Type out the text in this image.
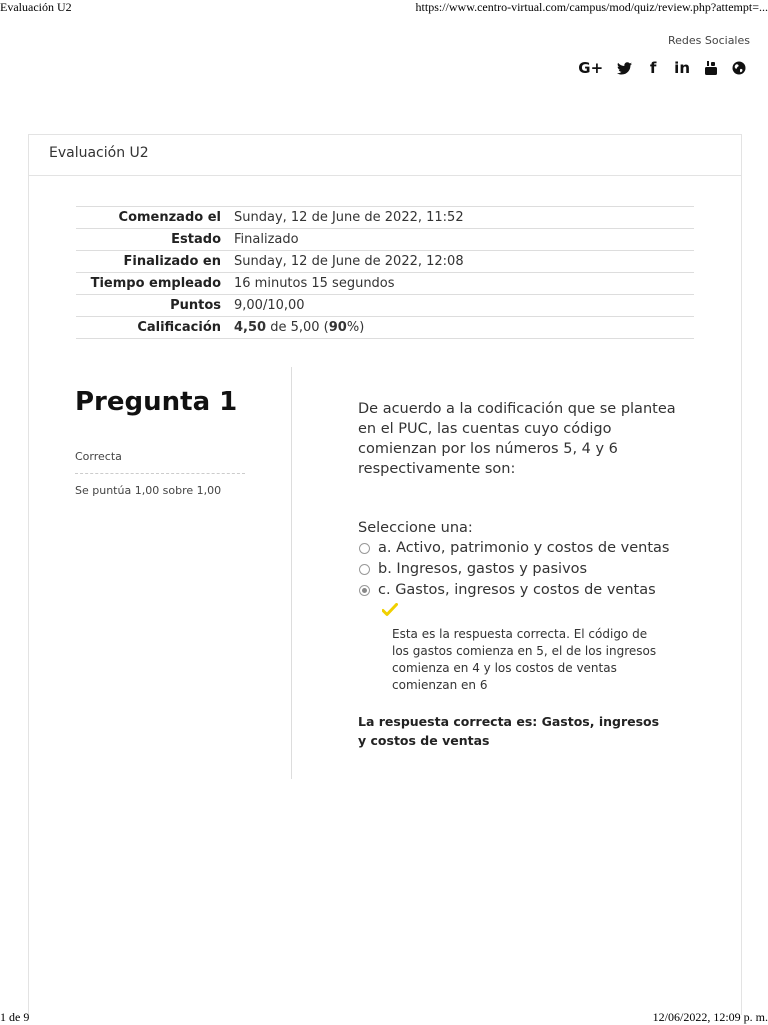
Evaluación U2	https://www.centro-virtual.com/campus/mod/quiz/review.php?attempt=...
Redes Sociales
G+	f in
Evaluación U2
Comenzado el	Sunday, 12 de June de 2022, 11:52
Estado	Finalizado
Finalizado en	Sunday, 12 de June de 2022, 12:08
Tiempo empleado	16 minutos 15 segundos
Puntos	9,00/10,00
Calificación	4,50 de 5,00 (90%)
Pregunta 1
Correcta
Se puntúa 1,00 sobre 1,00
De acuerdo a la codificación que se plantea en el PUC, las cuentas cuyo código comienzan por los números 5, 4 y 6 respectivamente son:
Seleccione una:
a. Activo, patrimonio y costos de ventas
b. Ingresos, gastos y pasivos
c. Gastos, ingresos y costos de ventas
Esta es la respuesta correcta. El código de los gastos comienza en 5, el de los ingresos comienza en 4 y los costos de ventas comienzan en 6
La respuesta correcta es: Gastos, ingresos y costos de ventas
1 de 9	12/06/2022, 12:09 p. m.
